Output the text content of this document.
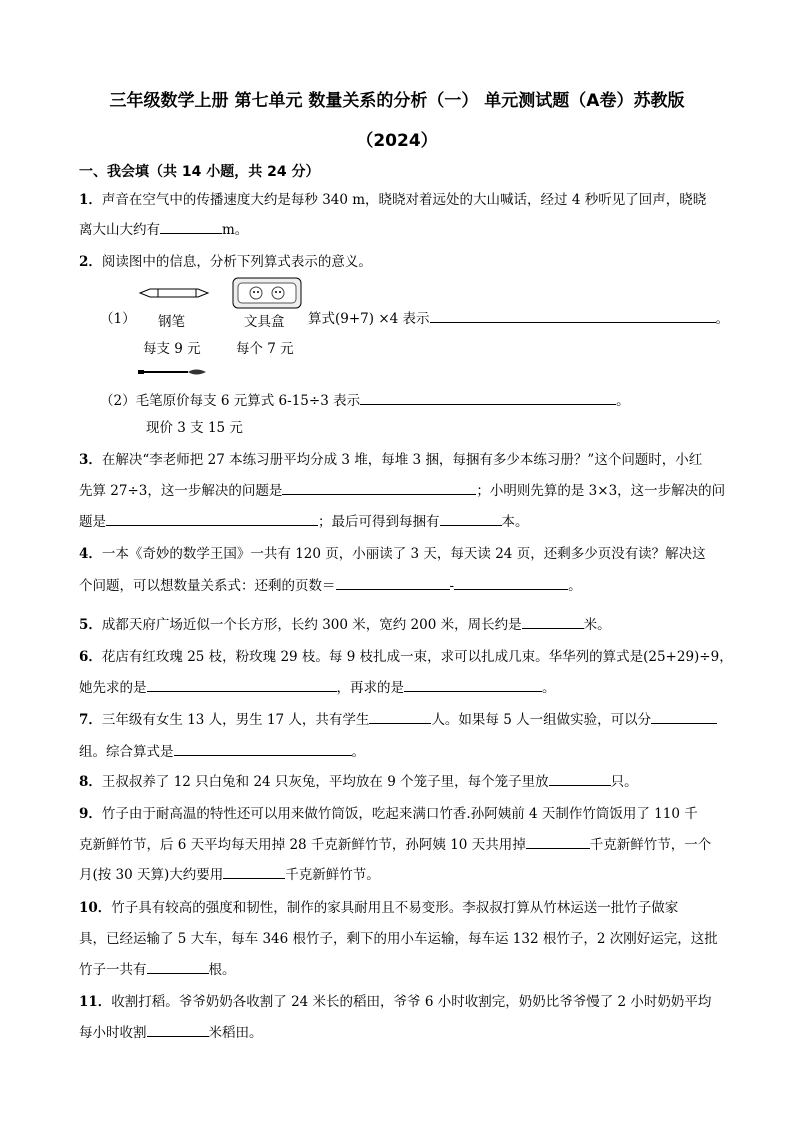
三年级数学上册 第七单元 数量关系的分析（一） 单元测试题（A卷）苏教版
（2024）
一、我会填（共 14 小题，共 24 分）
1．声音在空气中的传播速度大约是每秒 340 m，晓晓对着远处的大山喊话，经过 4 秒听见了回声，晓晓
离大山大约有	m。
2．阅读图中的信息，分析下列算式表示的意义。
（1） 钢笔	文具盒 算式(9+7) ×4 表示	。
每支 9 元	每个 7 元
（2）毛笔原价每支 6 元算式 6-15÷3 表示	。
现价 3 支 15 元
3．在解决“李老师把 27 本练习册平均分成 3 堆，每堆 3 捆，每捆有多少本练习册？”这个问题时，小红
先算 27÷3，这一步解决的问题是	；小明则先算的是 3×3，这一步解决的问
题是	；最后可得到每捆有	本。
4．一本《奇妙的数学王国》一共有 120 页，小丽读了 3 天，每天读 24 页，还剩多少页没有读？解决这
个问题，可以想数量关系式：还剩的页数＝	-	。
5．成都天府广场近似一个长方形，长约 300 米，宽约 200 米，周长约是	米。
6．花店有红玫瑰 25 枝，粉玫瑰 29 枝。每 9 枝扎成一束，求可以扎成几束。华华列的算式是(25+29)÷9，
她先求的是	，再求的是	。
7．三年级有女生 13 人，男生 17 人，共有学生	人。如果每 5 人一组做实验，可以分
组。综合算式是	。
8．王叔叔养了 12 只白兔和 24 只灰兔，平均放在 9 个笼子里，每个笼子里放	只。
9．竹子由于耐高温的特性还可以用来做竹筒饭，吃起来满口竹香.孙阿姨前 4 天制作竹筒饭用了 110 千
克新鲜竹节，后 6 天平均每天用掉 28 千克新鲜竹节，孙阿姨 10 天共用掉	千克新鲜竹节，一个
月(按 30 天算)大约要用	千克新鲜竹节。
10．竹子具有较高的强度和韧性，制作的家具耐用且不易变形。李叔叔打算从竹林运送一批竹子做家
具，已经运输了 5 大车，每车 346 根竹子，剩下的用小车运输，每车运 132 根竹子，2 次刚好运完，这批
竹子一共有	根。
11．收割打稻。爷爷奶奶各收割了 24 米长的稻田，爷爷 6 小时收割完，奶奶比爷爷慢了 2 小时奶奶平均
每小时收割	米稻田。
